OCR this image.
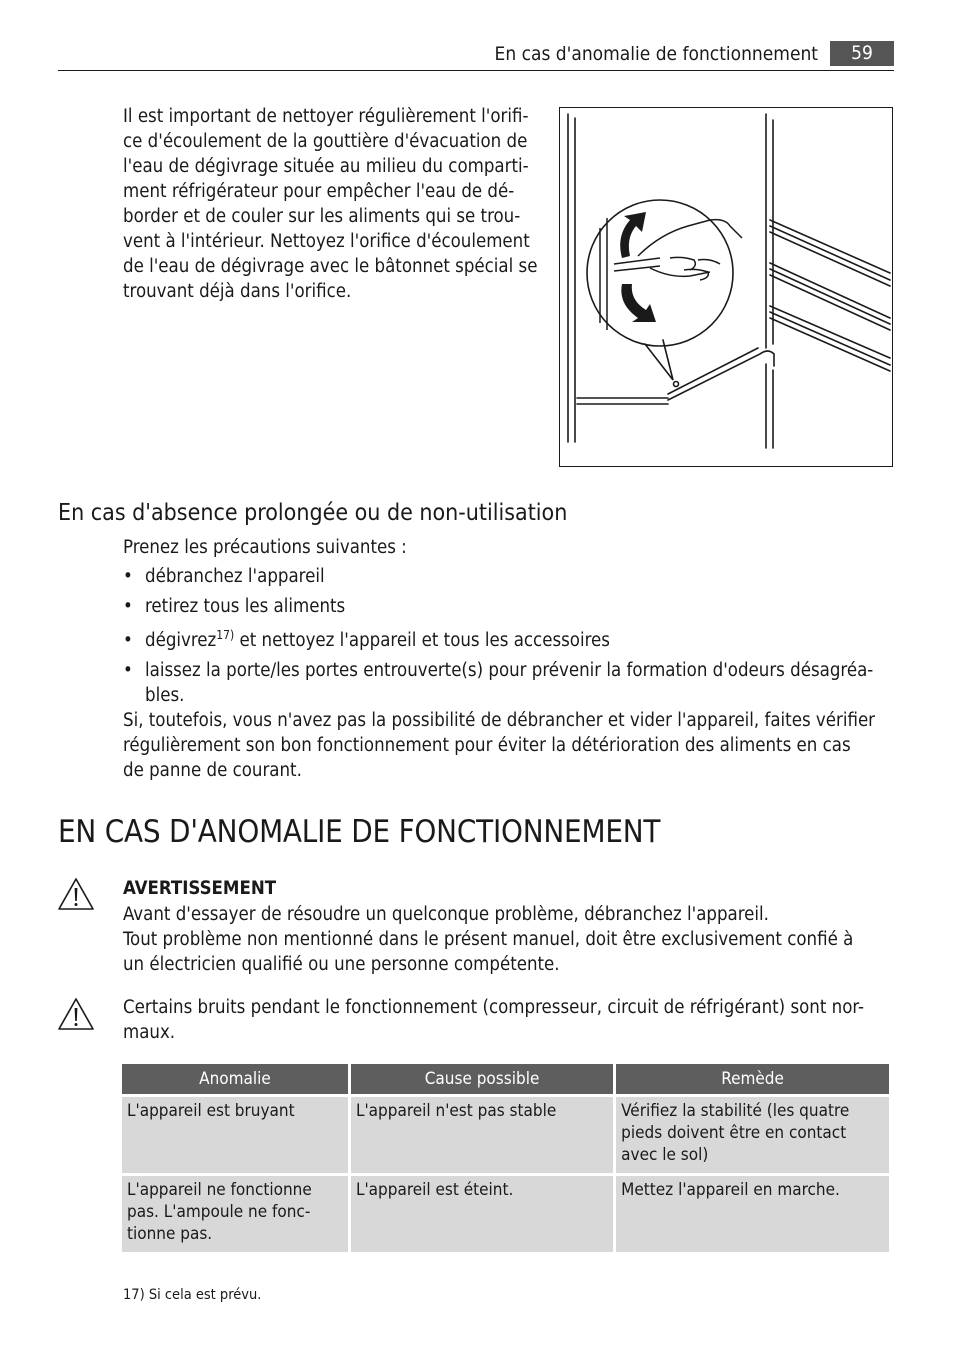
En cas d'anomalie de fonctionnement	59
Il est important de nettoyer régulièrement l'orifi-
ce d'écoulement de la gouttière d'évacuation de
l'eau de dégivrage située au milieu du comparti-
ment réfrigérateur pour empêcher l'eau de dé-
border et de couler sur les aliments qui se trou-
vent à l'intérieur. Nettoyez l'orifice d'écoulement
de l'eau de dégivrage avec le bâtonnet spécial se
trouvant déjà dans l'orifice.
En cas d'absence prolongée ou de non-utilisation
Prenez les précautions suivantes :
• débranchez l'appareil
• retirez tous les aliments
• dégivrez$^{17)}$ et nettoyez l'appareil et tous les accessoires
• laissez la porte/les portes entrouverte(s) pour prévenir la formation d'odeurs désagréa-
bles.
Si, toutefois, vous n'avez pas la possibilité de débrancher et vider l'appareil, faites vérifier
régulièrement son bon fonctionnement pour éviter la détérioration des aliments en cas
de panne de courant.
EN CAS D'ANOMALIE DE FONCTIONNEMENT
AVERTISSEMENT
Avant d'essayer de résoudre un quelconque problème, débranchez l'appareil.
Tout problème non mentionné dans le présent manuel, doit être exclusivement confié à
un électricien qualifié ou une personne compétente.
Certains bruits pendant le fonctionnement (compresseur, circuit de réfrigérant) sont nor-
maux.
Anomalie	Cause possible	Remède

L'appareil est bruyant	L'appareil n'est pas stable	Vérifiez la stabilité (les quatre
pieds doivent être en contact
avec le sol)

L'appareil ne fonctionne
pas. L'ampoule ne fonc-
tionne pas.	L'appareil est éteint.	Mettez l'appareil en marche.
17) Si cela est prévu.
